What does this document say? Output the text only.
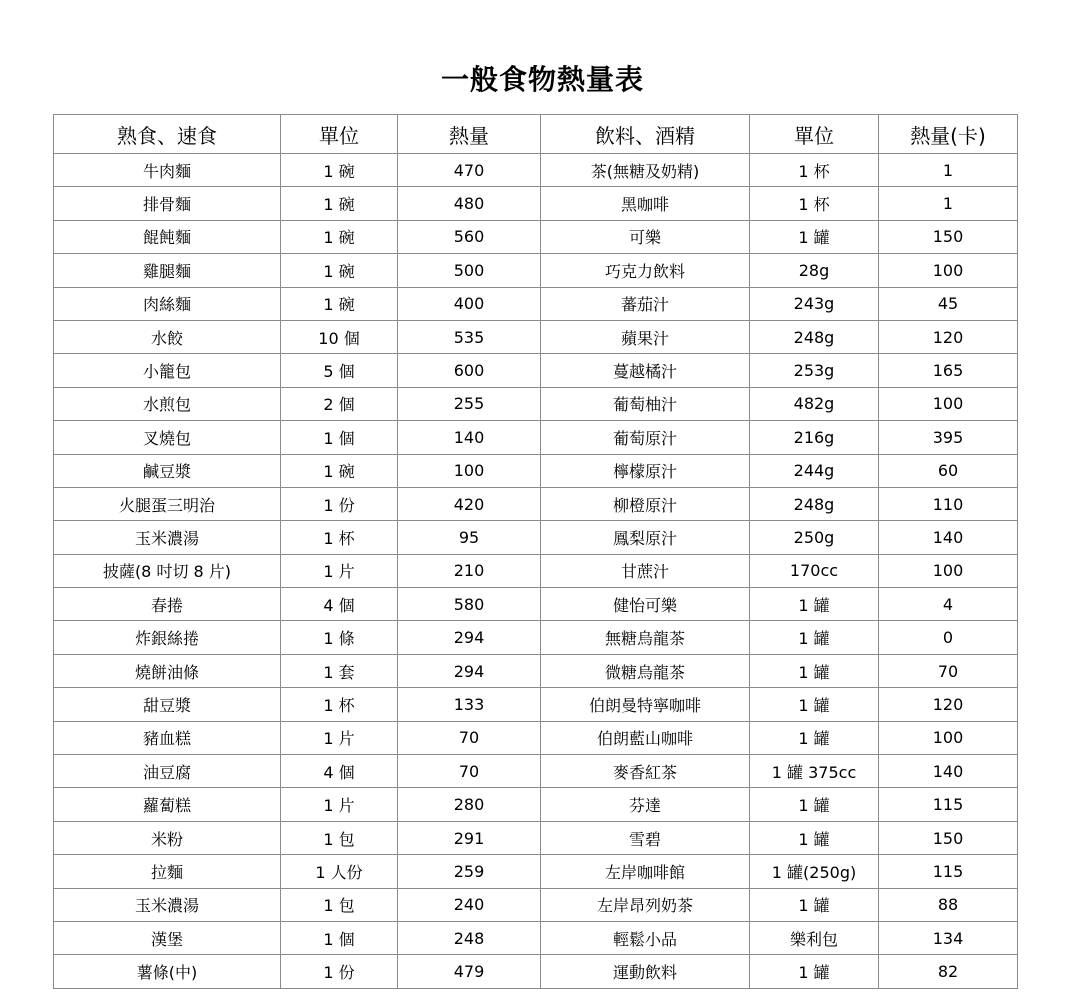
一般食物熱量表
熟食、速食	單位	熱量	飲料、酒精	單位	熱量(卡)
牛肉麵	1 碗	470	茶(無糖及奶精)	1 杯	1
排骨麵	1 碗	480	黑咖啡	1 杯	1
餛飩麵	1 碗	560	可樂	1 罐	150
雞腿麵	1 碗	500	巧克力飲料	28g	100
肉絲麵	1 碗	400	蕃茄汁	243g	45
水餃	10 個	535	蘋果汁	248g	120
小籠包	5 個	600	蔓越橘汁	253g	165
水煎包	2 個	255	葡萄柚汁	482g	100
叉燒包	1 個	140	葡萄原汁	216g	395
鹹豆漿	1 碗	100	檸檬原汁	244g	60
火腿蛋三明治	1 份	420	柳橙原汁	248g	110
玉米濃湯	1 杯	95	鳳梨原汁	250g	140
披薩(8 吋切 8 片)	1 片	210	甘蔗汁	170cc	100
春捲	4 個	580	健怡可樂	1 罐	4
炸銀絲捲	1 條	294	無糖烏龍茶	1 罐	0
燒餅油條	1 套	294	微糖烏龍茶	1 罐	70
甜豆漿	1 杯	133	伯朗曼特寧咖啡	1 罐	120
豬血糕	1 片	70	伯朗藍山咖啡	1 罐	100
油豆腐	4 個	70	麥香紅茶	1 罐 375cc	140
蘿蔔糕	1 片	280	芬達	1 罐	115
米粉	1 包	291	雪碧	1 罐	150
拉麵	1 人份	259	左岸咖啡館	1 罐(250g)	115
玉米濃湯	1 包	240	左岸昂列奶茶	1 罐	88
漢堡	1 個	248	輕鬆小品	樂利包	134
薯條(中)	1 份	479	運動飲料	1 罐	82
